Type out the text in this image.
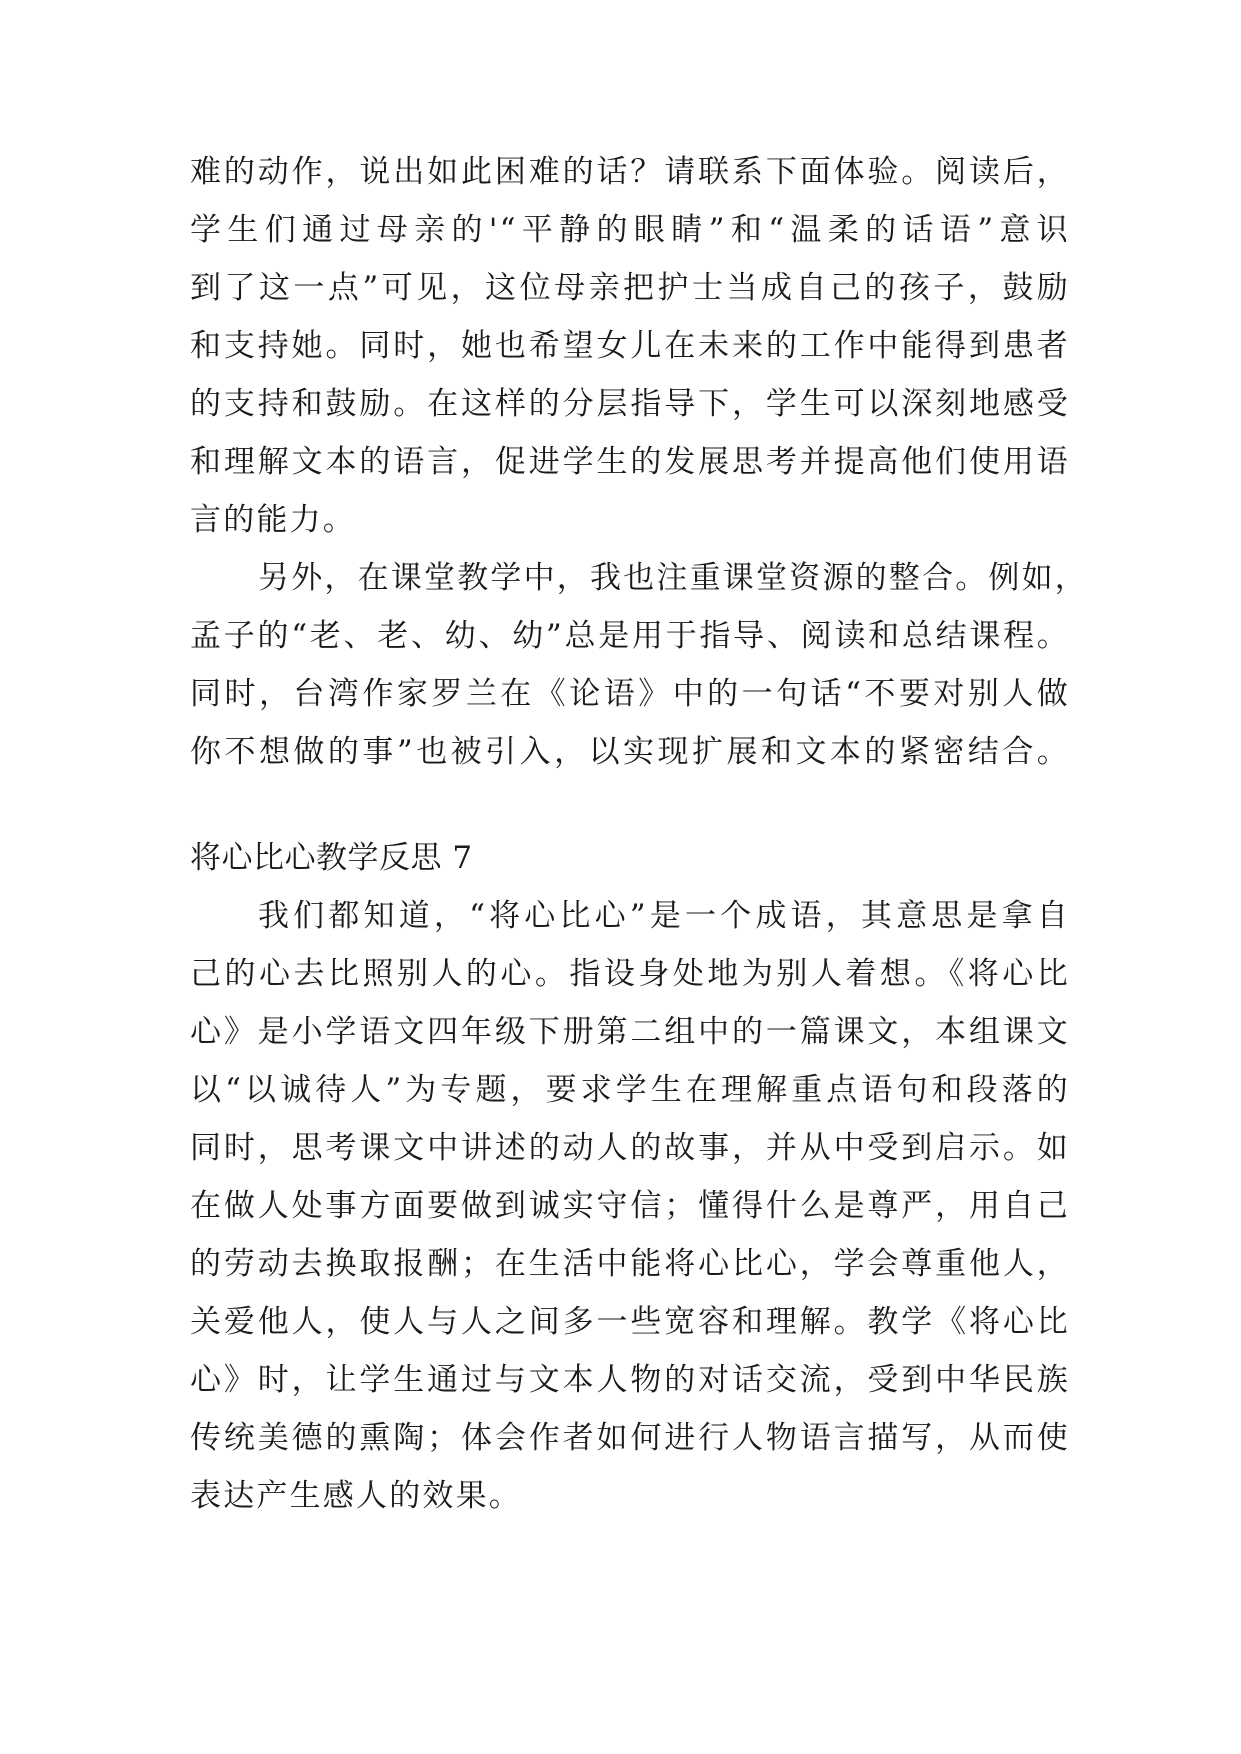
难的动作，说出如此困难的话？请联系下面体验。阅读后，
学生们通过母亲的'“平静的眼睛”和“温柔的话语”意识
到了这一点”可见，这位母亲把护士当成自己的孩子，鼓励
和支持她。同时，她也希望女儿在未来的工作中能得到患者
的支持和鼓励。在这样的分层指导下，学生可以深刻地感受
和理解文本的语言，促进学生的发展思考并提高他们使用语
言的能力。
另外，在课堂教学中，我也注重课堂资源的整合。例如，
孟子的“老、老、幼、幼”总是用于指导、阅读和总结课程。
同时，台湾作家罗兰在《论语》中的一句话“不要对别人做
你不想做的事”也被引入，以实现扩展和文本的紧密结合。
将心比心教学反思 7
我们都知道，“将心比心”是一个成语，其意思是拿自
己的心去比照别人的心。指设身处地为别人着想。《将心比
心》是小学语文四年级下册第二组中的一篇课文，本组课文
以“以诚待人”为专题，要求学生在理解重点语句和段落的
同时，思考课文中讲述的动人的故事，并从中受到启示。如
在做人处事方面要做到诚实守信；懂得什么是尊严，用自己
的劳动去换取报酬；在生活中能将心比心，学会尊重他人，
关爱他人，使人与人之间多一些宽容和理解。教学《将心比
心》时，让学生通过与文本人物的对话交流，受到中华民族
传统美德的熏陶；体会作者如何进行人物语言描写，从而使
表达产生感人的效果。
